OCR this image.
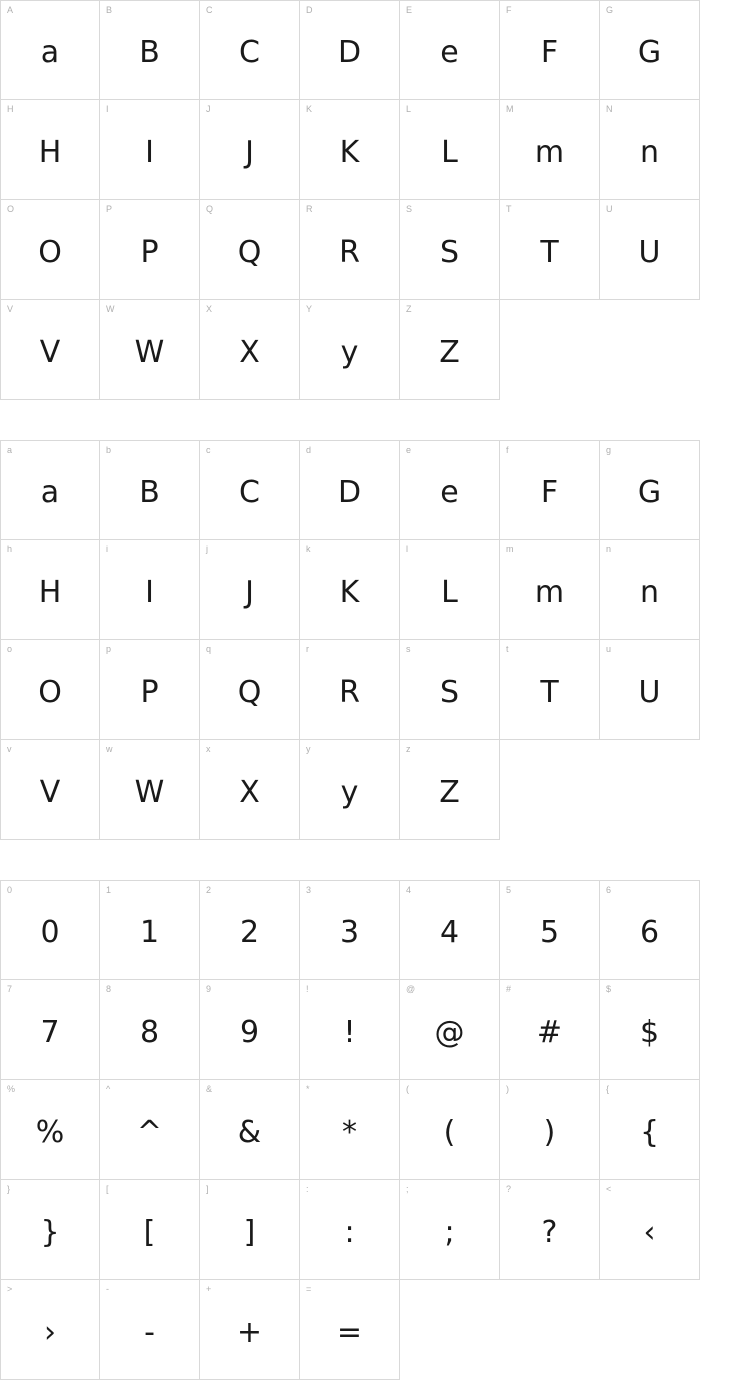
A
a
B
B
C
C
D
D
E
e
F
F
G
G
H
H
I
I
J
J
K
K
L
L
M
m
N
n
O
O
P
P
Q
Q
R
R
S
S
T
T
U
U
V
V
W
W
X
X
Y
y
Z
Z
a
a
b
B
c
C
d
D
e
e
f
F
g
G
h
H
i
I
j
J
k
K
l
L
m
m
n
n
o
O
p
P
q
Q
r
R
s
S
t
T
u
U
v
V
w
W
x
X
y
y
z
Z
0
0
1
1
2
2
3
3
4
4
5
5
6
6
7
7
8
8
9
9
!
!
@
@
#
#
$
$
%
%
^
^
&
&
*
*
(
(
)
)
{
{
}
}
[
[
]
]
:
:
;
;
?
?
<
‹
>
›
-
-
+
+
=
=
